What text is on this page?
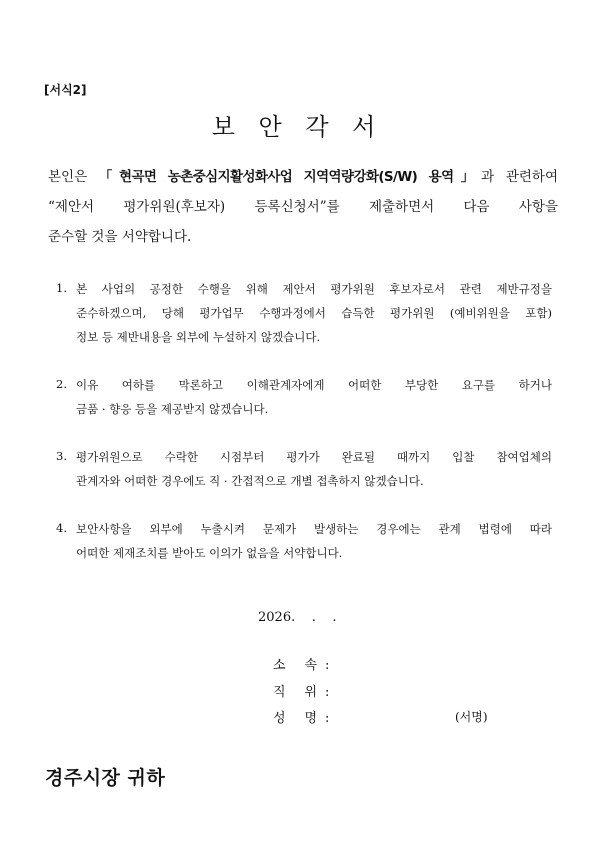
[서식2]
보 안 각 서
본인은 「현곡면 농촌중심지활성화사업 지역역량강화(S/W) 용역」과 관련하여
“제안서 평가위원(후보자) 등록신청서”를 제출하면서 다음 사항을
준수할 것을 서약합니다.
1. 본 사업의 공정한 수행을 위해 제안서 평가위원 후보자로서 관련 제반규정을
준수하겠으며, 당해 평가업무 수행과정에서 습득한 평가위원 (예비위원을 포함)
정보 등 제반내용을 외부에 누설하지 않겠습니다.
2. 이유 여하를 막론하고 이해관계자에게 어떠한 부당한 요구를 하거나
금품 · 향응 등을 제공받지 않겠습니다.
3. 평가위원으로 수락한 시점부터 평가가 완료될 때까지 입찰 참여업체의
관계자와 어떠한 경우에도 직 · 간접적으로 개별 접촉하지 않겠습니다.
4. 보안사항을 외부에 누출시켜 문제가 발생하는 경우에는 관계 법령에 따라
어떠한 제재조치를 받아도 이의가 없음을 서약합니다.
2026.    .    .
소 속 :
직 위 :
성 명 :	(서명)
경주시장 귀하
